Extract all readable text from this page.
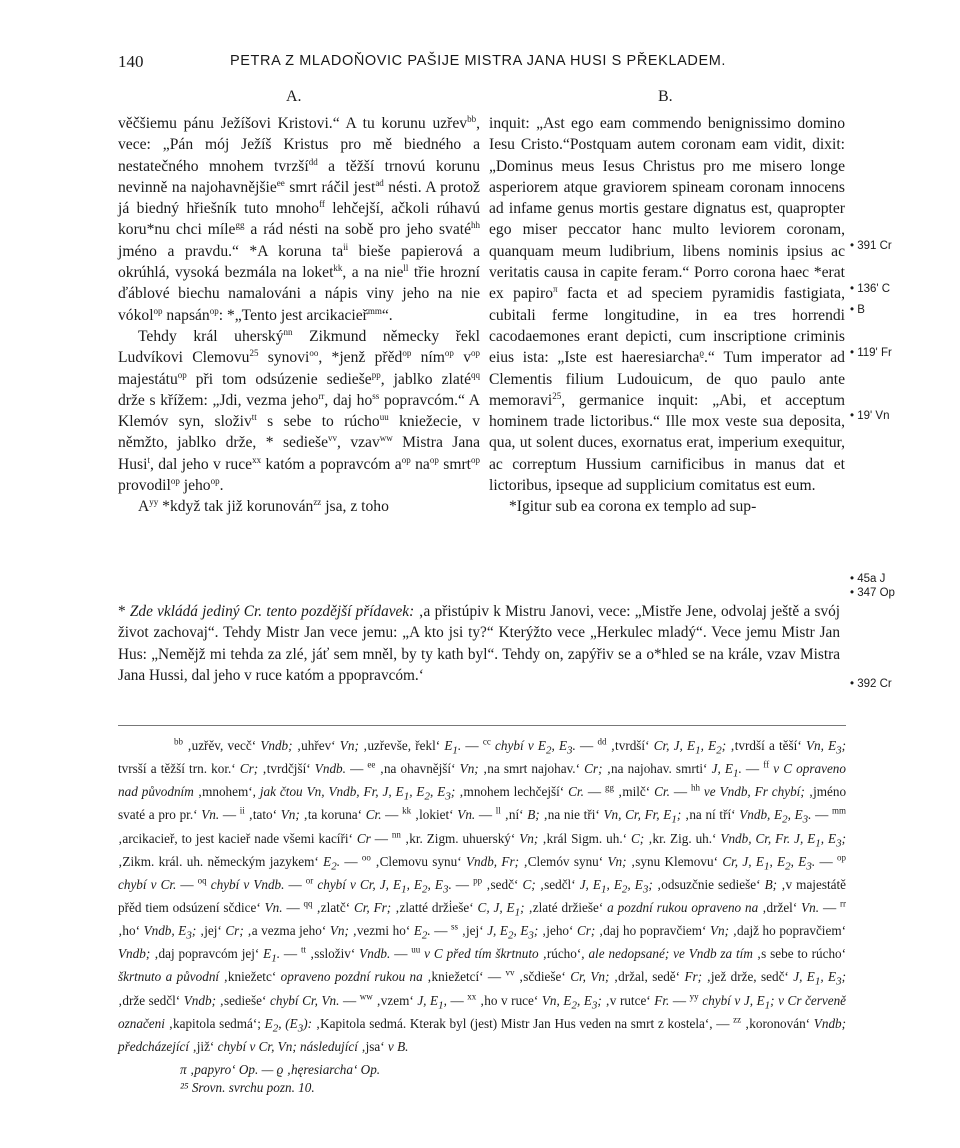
140	PETRA Z MLADOŇOVIC PAŠIJE MISTRA JANA HUSI S PŘEKLADEM.
A.	B.

věčšiemu pánu Ježíšovi Kristovi.“ A tu korunu uzřev$^{bb}$, vece: „Pán mój Ježíš Kristus pro mě biedného a nestatečného mnohem tvrzší$^{dd}$ a těžší trnovú korunu nevinně na najohavnějšie$^{ee}$ smrt ráčil jest$^{ad}$ nésti. A protož já biedný hřiešník tuto mnoho$^{ff}$ lehčejší, ačkoli rúhavú koru*nu chci míle$^{gg}$ a rád nésti na sobě pro jeho svaté$^{hh}$ jméno a pravdu.“ *A koruna $ta^{ii}$ bieše papierová a okrúhlá, vysoká bezmála na loket$^{kk}$, a na nie$^{ll}$ třie hrozní ďáblové biechu namalováni a nápis viny jeho na nie vókol$^{op}$ napsán$^{op}$: *„Tento jest arcikacieř$^{mm}$“.

Tehdy král uherský$^{nn}$ Zikmund německy řekl Ludvíkovi Clemovu$^{25}$ synovi$^{oo}$, *jenž přěd$^{op}$ ním$^{op}$ $v^{op}$ majestátu$^{op}$ při tom odsúzenie sedieše$^{pp}$, jablko zlaté$^{qq}$ drže s křížem: „Jdi, vezma jeho$^{rr}$, daj $ho^{ss}$ popravcóm.“ A Klemóv syn, složiv$^{tt}$ s sebe to rúcho$^{uu}$ kniežecie, v němžto, jablko drže, * sedieše$^{vv}$, vzav$^{ww}$ Mistra Jana Husi$^t$, dal jeho v ruce$^{xx}$ katóm a popravcóm $a^{op}$ $na^{op}$ smrt$^{op}$ provodil$^{op}$ jeho$^{op}$.

$A^{yy}$ *když tak již korunován$^{zz}$ jsa, z toho

inquit: „Ast ego eam commendo benignissimo domino Iesu Cristo.“Postquam autem coronam eam vidit, dixit: „Dominus meus Iesus Christus pro me misero longe asperiorem atque graviorem spineam coronam innocens ad infame genus mortis gestare dignatus est, quapropter ego miser peccator hanc multo leviorem coronam, quanquam meum ludibrium, libens nominis ipsius ac veritatis causa in capite feram.“ Porro corona haec *erat ex papiro$^\pi$ facta et ad speciem pyramidis fastigiata, cubitali ferme longitudine, in ea tres horrendi cacodaemones erant depicti, cum inscriptione criminis eius ista: „Iste est haeresiarcha$^ϱ$.“ Tum imperator ad Clementis filium Ludouicum, de quo paulo ante memoravi$^{25}$, germanice inquit: „Abi, et acceptum hominem trade lictoribus.“ Ille mox veste sua deposita, qua, ut solent duces, exornatus erat, imperium exequitur, ac correptum Hussium carnificibus in manus dat et lictoribus, ipseque ad supplicium comitatus est eum.

*Igitur sub ea corona ex templo ad sup-

• 391 Cr
• 136' C
• B
• 119' Fr
• 19' Vn
• 45a J
• 347 Op
• 392 Cr

* Zde vkládá jediný Cr. tento pozdější přídavek: ‚a přistúpiv k Mistru Janovi, vece: „Mistře Jene, odvolaj ještě a svój život zachovaj“. Tehdy Mistr Jan vece jemu: „A kto jsi ty?“ Kterýžto vece „Herkulec mladý“. Vece jemu Mistr Jan Hus: „Nemějž mi tehda za zlé, jáť sem mněl, by ty kath byl“. Tehdy on, zapýřiv se a o*hled se na krále, vzav Mistra Jana Hussi, dal jeho v ruce katóm a ppopravcóm.‘

$^{bb}$ ‚uzřěv, vecč‘ Vndb; ‚uhřev‘ Vn; ‚uzřevše, řekl‘ $E_1$. — $^{cc}$ chybí v $E_2$, $E_3$. — $^{dd}$ ‚tvrdší‘ Cr, J, $E_1$, $E_2$; ‚tvrdší a těší‘ Vn, $E_3$; tvrsší a těžší trn. kor.‘ Cr; ‚tvrdčjší‘ Vndb. — $^{ee}$ ‚na ohavnější‘ Vn; ‚na smrt najohav.‘ Cr; ‚na najohav. smrti‘ J, $E_1$. — $^{ff}$ v C opraveno nad původním ‚mnohem‘, jak čtou Vn, Vndb, Fr, J, $E_1$, $E_2$, $E_3$; ‚mnohem lechčejší‘ Cr. — $^{gg}$ ‚milč‘ Cr. — $^{hh}$ ve Vndb, Fr chybí; ‚jméno svaté a pro pr.‘ Vn. — $^{ii}$ ‚tato‘ Vn; ‚ta koruna‘ Cr. — $^{kk}$ ‚lokiet‘ Vn. — $^{ll}$ ‚ní‘ B; ‚na nie tři‘ Vn, Cr, Fr, $E_1$; ‚na ní tří‘ Vndb, $E_2$, $E_3$. — $^{mm}$ ‚arcikacieř, to jest kacieř nade všemi kacíři‘ Cr — $^{nn}$ ‚kr. Zigm. uhuerský‘ Vn; ‚král Sigm. uh.‘ C; ‚kr. Zig. uh.‘ Vndb, Cr, Fr. J, $E_1$, $E_3$; ‚Zikm. král. uh. německým jazykem‘ $E_2$. — $^{oo}$ ‚Clemovu synu‘ Vndb, Fr; ‚Clemóv synu‘ Vn; ‚synu Klemovu‘ Cr, J, $E_1$, $E_2$, $E_3$. — $^{op}$ chybí v Cr. — $^{oq}$ chybí v Vndb. — $^{or}$ chybí v Cr, J, $E_1$, $E_2$, $E_3$. — $^{pp}$ ‚sedč‘ C; ‚sedčl‘ J, $E_1$, $E_2$, $E_3$; ‚odsuzčnie sedieše‘ B; ‚v majestátě přěd tiem odsúzení sčdice‘ Vn. — $^{qq}$ ‚zlatč‘ Cr, Fr; ‚zlatté drži̇eše‘ C, J, $E_1$; ‚zlaté držieše‘ a pozdní rukou opraveno na ‚držel‘ Vn. — $^{rr}$ ‚ho‘ Vndb, $E_3$; ‚jej‘ Cr; ‚a vezma jeho‘ Vn; ‚vezmi ho‘ $E_2$. — $^{ss}$ ‚jej‘ J, $E_2$, $E_3$; ‚jeho‘ Cr; ‚daj ho popravčiem‘ Vn; ‚dajž ho popravčiem‘ Vndb; ‚daj popravcóm jej‘ $E_1$. — $^{tt}$ ‚ssloživ‘ Vndb. — $^{uu}$ v C před tím škrtnuto ‚rúcho‘, ale nedopsané; ve Vndb za tím ‚s sebe to rúcho‘ škrtnuto a původní ‚kniežetc‘ opraveno pozdní rukou na ‚kniežetcí‘ — $^{vv}$ ‚sčdieše‘ Cr, Vn; ‚držal, sedě‘ Fr; ‚jež drže, sedč‘ J, $E_1$, $E_3$; ‚drže sedčl‘ Vndb; ‚sedieše‘ chybí Cr, Vn. — $^{ww}$ ‚vzem‘ J, $E_1$, — $^{xx}$ ‚ho v ruce‘ Vn, $E_2$, $E_3$; ‚v rutce‘ Fr. — $^{yy}$ chybí v J, $E_1$; v Cr červeně označeni ‚kapitola sedmá‘; $E_2$, $(E_3)$: ‚Kapitola sedmá. Kterak byl (jest) Mistr Jan Hus veden na smrt z kostela‘, — $^{zz}$ ‚koronován‘ Vndb; předcházející ‚již‘ chybí v Cr, Vn; následující ‚jsa‘ v B.

π ‚papyro‘ Op. — ϱ ‚hęresiarcha‘ Op.
²⁵ Srovn. svrchu pozn. 10.
